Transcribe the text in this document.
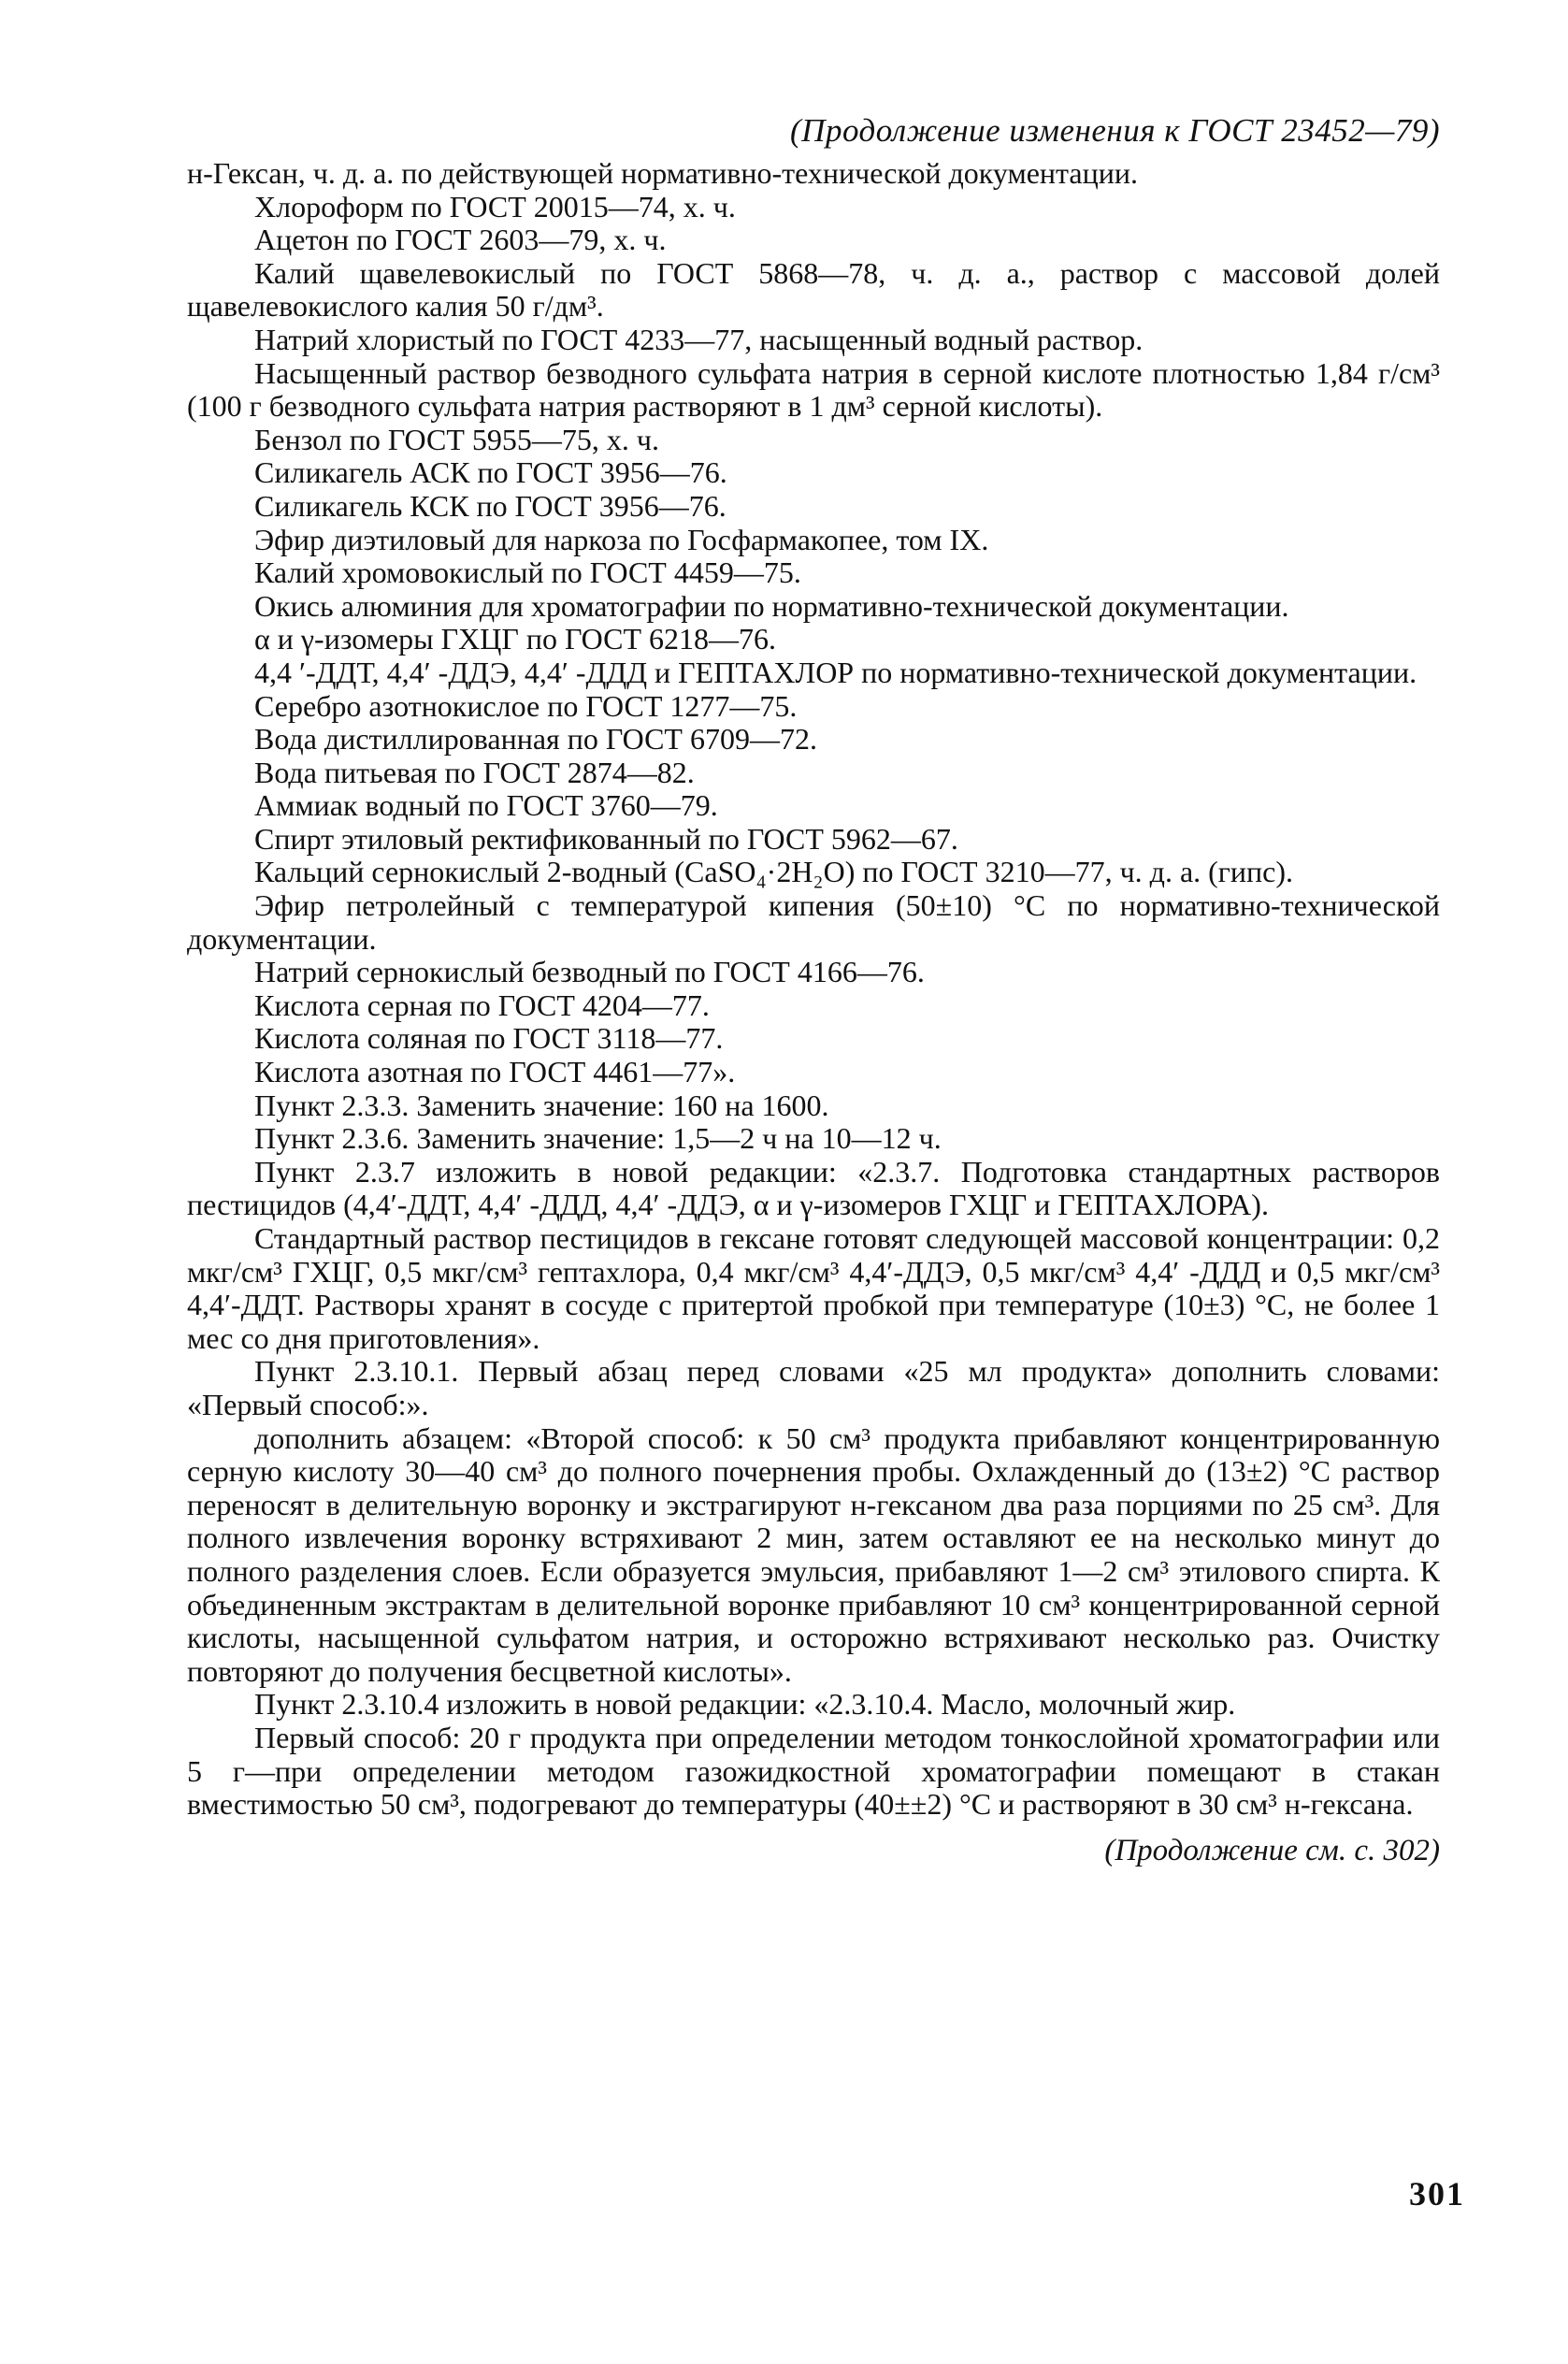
(Продолжение изменения к ГОСТ 23452—79)

н-Гексан, ч. д. а. по действующей нормативно-технической документации.

Хлороформ по ГОСТ 20015—74, х. ч.

Ацетон по ГОСТ 2603—79, х. ч.

Калий щавелевокислый по ГОСТ 5868—78, ч. д. а., раствор с массовой долей щавелевокислого калия 50 г/дм³.

Натрий хлористый по ГОСТ 4233—77, насыщенный водный раствор.

Насыщенный раствор безводного сульфата натрия в серной кислоте плотностью 1,84 г/см³ (100 г безводного сульфата натрия растворяют в 1 дм³ серной кислоты).

Бензол по ГОСТ 5955—75, х. ч.

Силикагель АСК по ГОСТ 3956—76.

Силикагель КСК по ГОСТ 3956—76.

Эфир диэтиловый для наркоза по Госфармакопее, том IX.

Калий хромовокислый по ГОСТ 4459—75.

Окись алюминия для хроматографии по нормативно-технической документации.

α и γ-изомеры ГХЦГ по ГОСТ 6218—76.

4,4 ′-ДДТ, 4,4′ -ДДЭ, 4,4′ -ДДД и ГЕПТАХЛОР по нормативно-технической документации.

Серебро азотнокислое по ГОСТ 1277—75.

Вода дистиллированная по ГОСТ 6709—72.

Вода питьевая по ГОСТ 2874—82.

Аммиак водный по ГОСТ 3760—79.

Спирт этиловый ректификованный по ГОСТ 5962—67.

Кальций сернокислый 2-водный (CaSO₄·2H₂O) по ГОСТ 3210—77, ч. д. а. (гипс).

Эфир петролейный с температурой кипения (50±10) °С по нормативно-технической документации.

Натрий сернокислый безводный по ГОСТ 4166—76.

Кислота серная по ГОСТ 4204—77.

Кислота соляная по ГОСТ 3118—77.

Кислота азотная по ГОСТ 4461—77».

Пункт 2.3.3. Заменить значение: 160 на 1600.

Пункт 2.3.6. Заменить значение: 1,5—2 ч на 10—12 ч.

Пункт 2.3.7 изложить в новой редакции: «2.3.7. Подготовка стандартных растворов пестицидов (4,4′-ДДТ, 4,4′ -ДДД, 4,4′ -ДДЭ, α и γ-изомеров ГХЦГ и ГЕПТАХЛОРА).

Стандартный раствор пестицидов в гексане готовят следующей массовой концентрации: 0,2 мкг/см³ ГХЦГ, 0,5 мкг/см³ гептахлора, 0,4 мкг/см³ 4,4′-ДДЭ, 0,5 мкг/см³ 4,4′ -ДДД и 0,5 мкг/см³ 4,4′-ДДТ. Растворы хранят в сосуде с притертой пробкой при температуре (10±3) °С, не более 1 мес со дня приготовления».

Пункт 2.3.10.1. Первый абзац перед словами «25 мл продукта» дополнить словами: «Первый способ:».

дополнить абзацем: «Второй способ: к 50 см³ продукта прибавляют концентрированную серную кислоту 30—40 см³ до полного почернения пробы. Охлажденный до (13±2) °С раствор переносят в делительную воронку и экстрагируют н-гексаном два раза порциями по 25 см³. Для полного извлечения воронку встряхивают 2 мин, затем оставляют ее на несколько минут до полного разделения слоев. Если образуется эмульсия, прибавляют 1—2 см³ этилового спирта. К объединенным экстрактам в делительной воронке прибавляют 10 см³ концентрированной серной кислоты, насыщенной сульфатом натрия, и осторожно встряхивают несколько раз. Очистку повторяют до получения бесцветной кислоты».

Пункт 2.3.10.4 изложить в новой редакции: «2.3.10.4. Масло, молочный жир.

Первый способ: 20 г продукта при определении методом тонкослойной хроматографии или 5 г—при определении методом газожидкостной хроматографии помещают в стакан вместимостью 50 см³, подогревают до температуры (40±±2) °С и растворяют в 30 см³ н-гексана.

(Продолжение см. с. 302)
301
